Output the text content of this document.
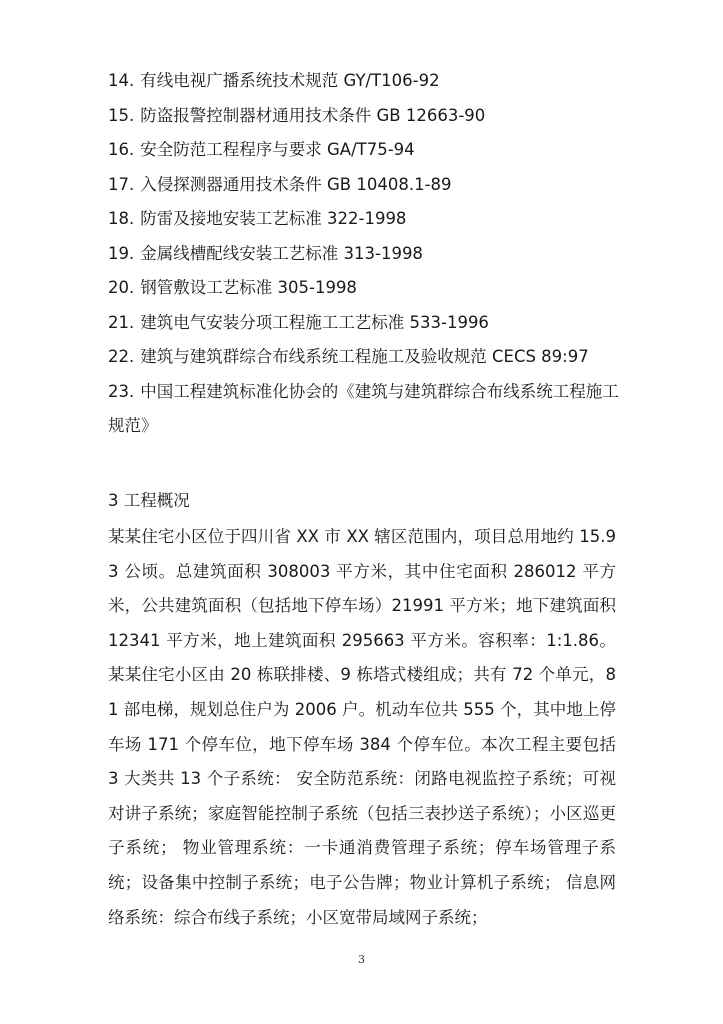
14. 有线电视广播系统技术规范 GY/T106-92
15. 防盗报警控制器材通用技术条件 GB 12663-90
16. 安全防范工程程序与要求 GA/T75-94
17. 入侵探测器通用技术条件 GB 10408.1-89
18. 防雷及接地安装工艺标准 322-1998
19. 金属线槽配线安装工艺标准 313-1998
20. 钢管敷设工艺标准 305-1998
21. 建筑电气安装分项工程施工工艺标准 533-1996
22. 建筑与建筑群综合布线系统工程施工及验收规范 CECS 89:97
23. 中国工程建筑标准化协会的《建筑与建筑群综合布线系统工程施工规范》
3 工程概况

某某住宅小区位于四川省 XX 市 XX 辖区范围内，项目总用地约 15.93 公顷。总建筑面积 308003 平方米，其中住宅面积 286012 平方米，公共建筑面积（包括地下停车场）21991 平方米；地下建筑面积 12341 平方米，地上建筑面积 295663 平方米。容积率：1:1.86。某某住宅小区由 20 栋联排楼、9 栋塔式楼组成；共有 72 个单元，81 部电梯，规划总住户为 2006 户。机动车位共 555 个，其中地上停车场 171 个停车位，地下停车场 384 个停车位。本次工程主要包括 3 大类共 13 个子系统： 安全防范系统：闭路电视监控子系统；可视对讲子系统；家庭智能控制子系统（包括三表抄送子系统）；小区巡更子系统； 物业管理系统：一卡通消费管理子系统；停车场管理子系统；设备集中控制子系统；电子公告牌；物业计算机子系统； 信息网络系统：综合布线子系统；小区宽带局域网子系统；

3
